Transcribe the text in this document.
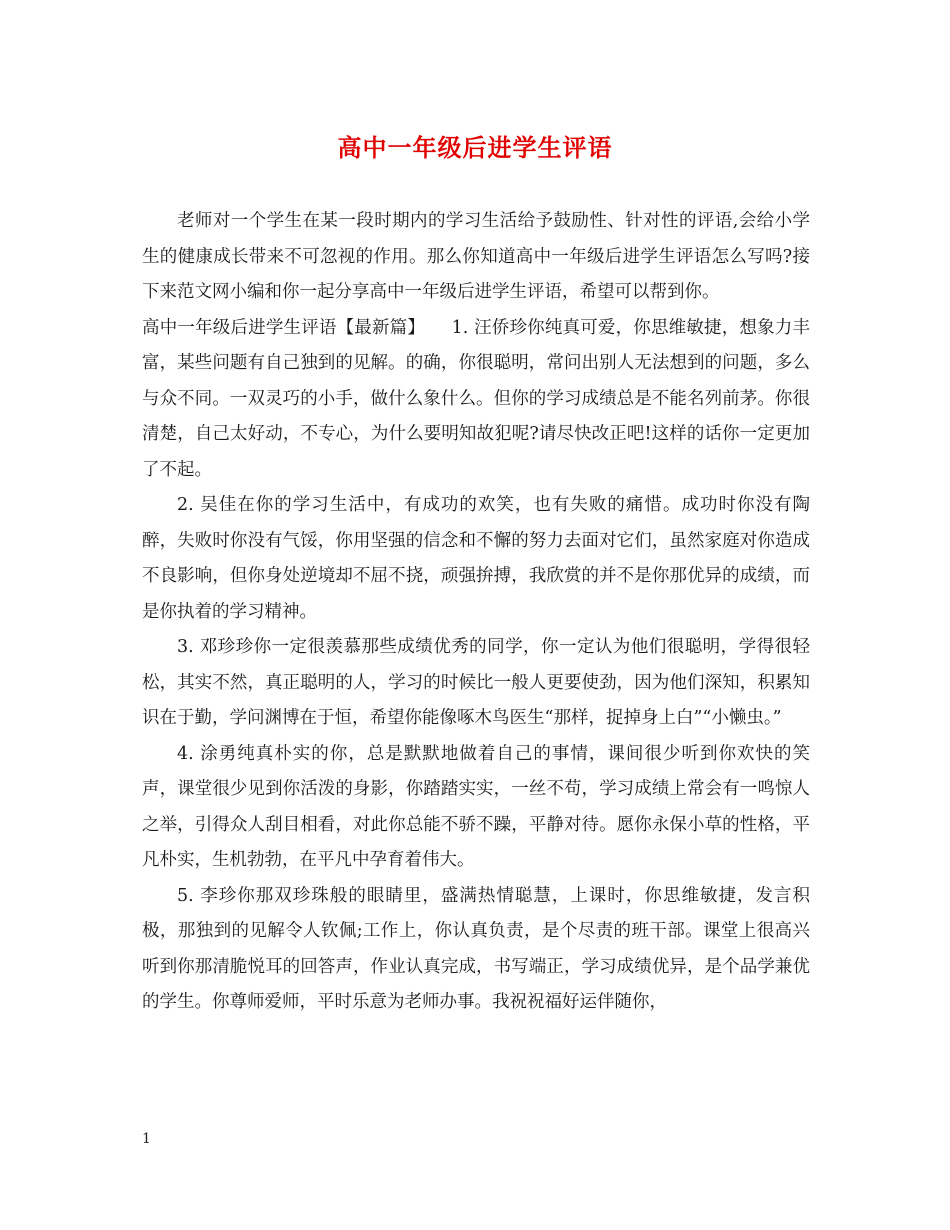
高中一年级后进学生评语

老师对一个学生在某一段时期内的学习生活给予鼓励性、针对性的评语,会给小学生的健康成长带来不可忽视的作用。那么你知道高中一年级后进学生评语怎么写吗?接下来范文网小编和你一起分享高中一年级后进学生评语，希望可以帮到你。

高中一年级后进学生评语【最新篇】　　1. 汪侨珍你纯真可爱，你思维敏捷，想象力丰富，某些问题有自己独到的见解。的确，你很聪明，常问出别人无法想到的问题，多么与众不同。一双灵巧的小手，做什么象什么。但你的学习成绩总是不能名列前茅。你很清楚，自己太好动，不专心，为什么要明知故犯呢?请尽快改正吧!这样的话你一定更加了不起。

2. 吴佳在你的学习生活中，有成功的欢笑，也有失败的痛惜。成功时你没有陶醉，失败时你没有气馁，你用坚强的信念和不懈的努力去面对它们，虽然家庭对你造成不良影响，但你身处逆境却不屈不挠，顽强拚搏，我欣赏的并不是你那优异的成绩，而是你执着的学习精神。

3. 邓珍珍你一定很羡慕那些成绩优秀的同学，你一定认为他们很聪明，学得很轻松，其实不然，真正聪明的人，学习的时候比一般人更要使劲，因为他们深知，积累知识在于勤，学问渊博在于恒，希望你能像啄木鸟医生“那样，捉掉身上白”“小懒虫。”

4. 涂勇纯真朴实的你，总是默默地做着自己的事情，课间很少听到你欢快的笑声，课堂很少见到你活泼的身影，你踏踏实实，一丝不苟，学习成绩上常会有一鸣惊人之举，引得众人刮目相看，对此你总能不骄不躁，平静对待。愿你永保小草的性格，平凡朴实，生机勃勃，在平凡中孕育着伟大。

5. 李珍你那双珍珠般的眼睛里，盛满热情聪慧，上课时，你思维敏捷，发言积极，那独到的见解令人钦佩;工作上，你认真负责，是个尽责的班干部。课堂上很高兴听到你那清脆悦耳的回答声，作业认真完成，书写端正，学习成绩优异，是个品学兼优的学生。你尊师爱师，平时乐意为老师办事。我祝祝福好运伴随你，

1
